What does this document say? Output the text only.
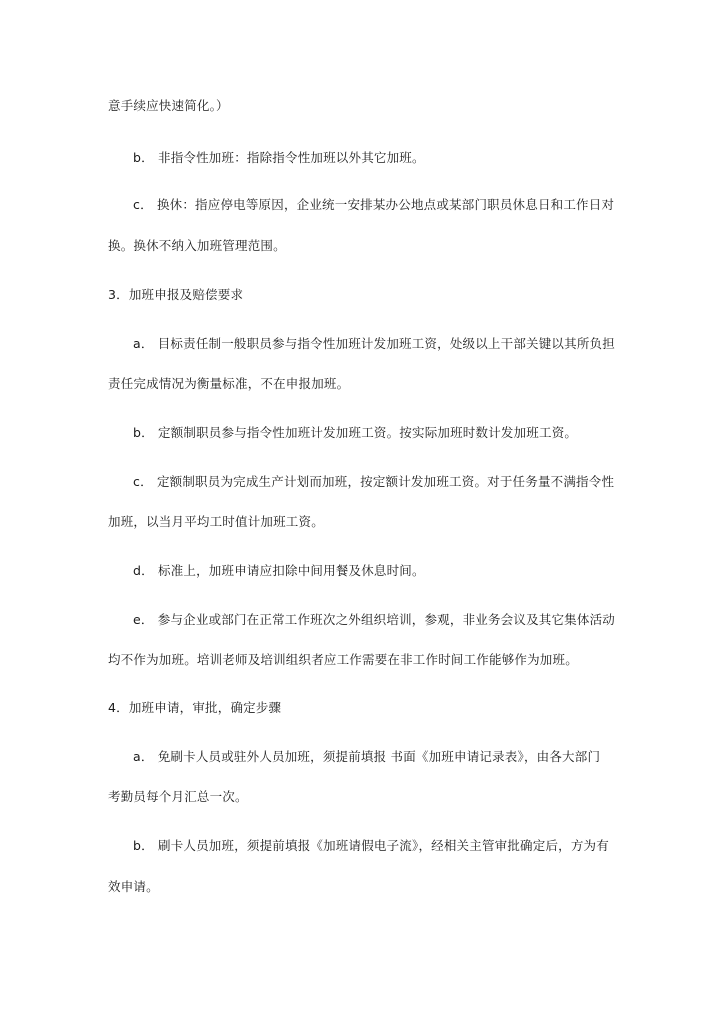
意手续应快速简化。）
b． 非指令性加班：指除指令性加班以外其它加班。
c． 换休：指应停电等原因，企业统一安排某办公地点或某部门职员休息日和工作日对
换。换休不纳入加班管理范围。
3．加班申报及赔偿要求
a． 目标责任制一般职员参与指令性加班计发加班工资，处级以上干部关键以其所负担
责任完成情况为衡量标准，不在申报加班。
b． 定额制职员参与指令性加班计发加班工资。按实际加班时数计发加班工资。
c． 定额制职员为完成生产计划而加班，按定额计发加班工资。对于任务量不满指令性
加班，以当月平均工时值计加班工资。
d． 标准上，加班申请应扣除中间用餐及休息时间。
e． 参与企业或部门在正常工作班次之外组织培训，参观，非业务会议及其它集体活动
均不作为加班。培训老师及培训组织者应工作需要在非工作时间工作能够作为加班。
4．加班申请，审批，确定步骤
a． 免刷卡人员或驻外人员加班，须提前填报 书面《加班申请记录表》，由各大部门
考勤员每个月汇总一次。
b． 刷卡人员加班，须提前填报《加班请假电子流》，经相关主管审批确定后，方为有
效申请。
